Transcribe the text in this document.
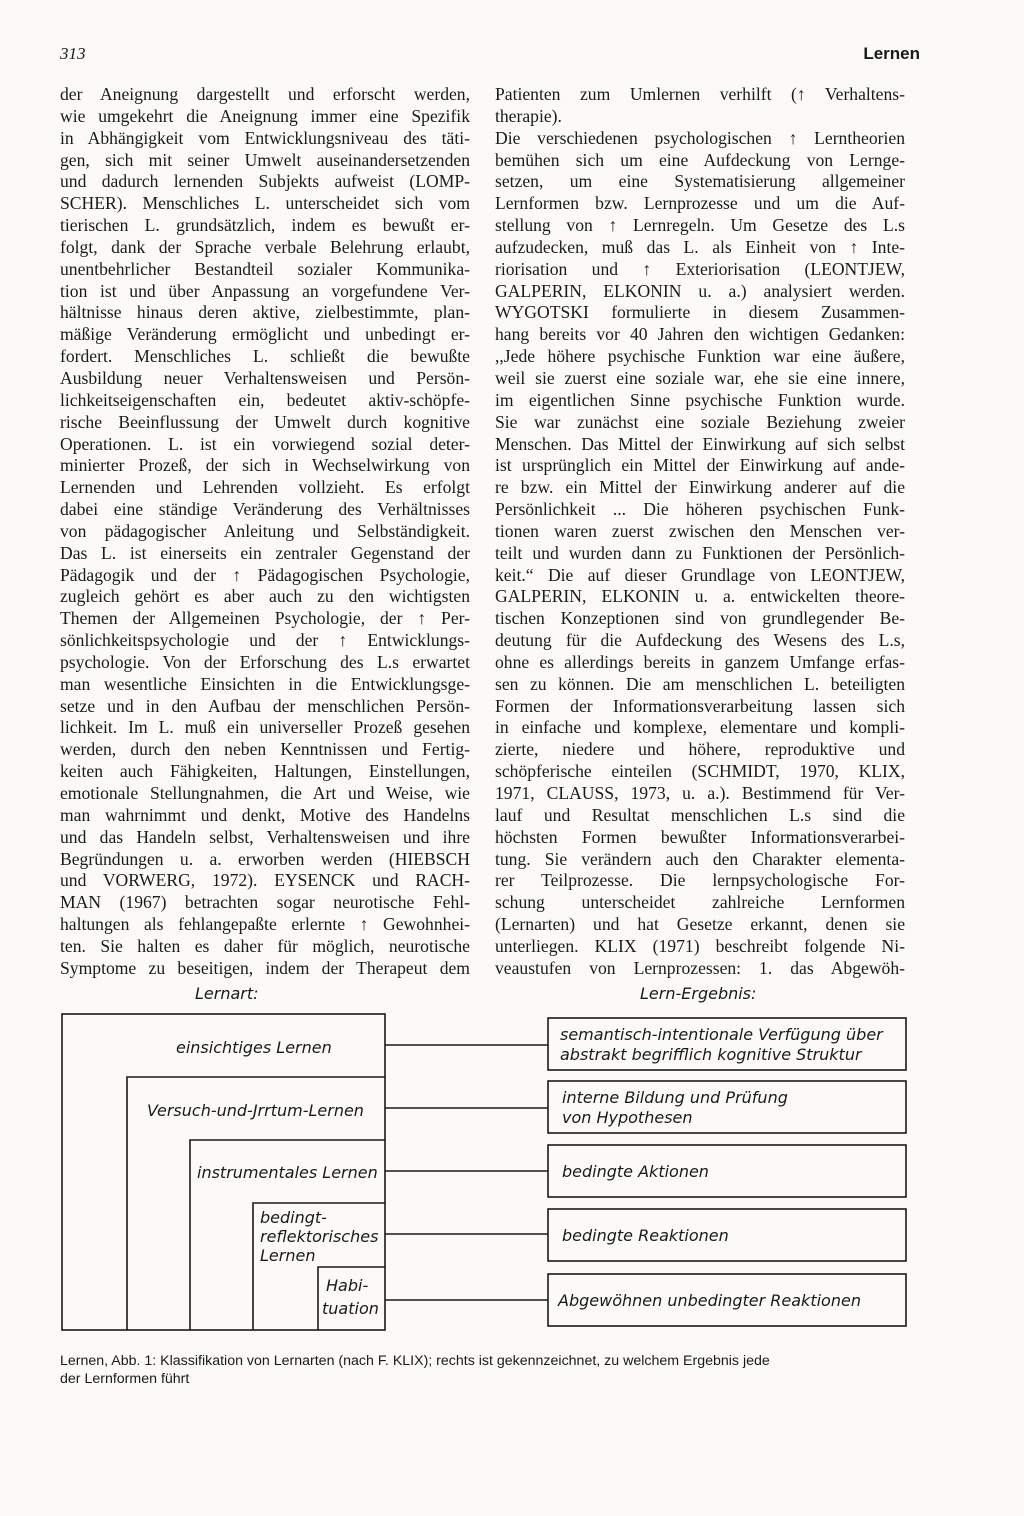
313	Lernen

der Aneignung dargestellt und erforscht werden,
wie umgekehrt die Aneignung immer eine Spezifik
in Abhängigkeit vom Entwicklungsniveau des täti-
gen, sich mit seiner Umwelt auseinandersetzenden
und dadurch lernenden Subjekts aufweist (LOMP-
SCHER). Menschliches L. unterscheidet sich vom
tierischen L. grundsätzlich, indem es bewußt er-
folgt, dank der Sprache verbale Belehrung erlaubt,
unentbehrlicher Bestandteil sozialer Kommunika-
tion ist und über Anpassung an vorgefundene Ver-
hältnisse hinaus deren aktive, zielbestimmte, plan-
mäßige Veränderung ermöglicht und unbedingt er-
fordert. Menschliches L. schließt die bewußte
Ausbildung neuer Verhaltensweisen und Persön-
lichkeitseigenschaften ein, bedeutet aktiv-schöpfe-
rische Beeinflussung der Umwelt durch kognitive
Operationen. L. ist ein vorwiegend sozial deter-
minierter Prozeß, der sich in Wechselwirkung von
Lernenden und Lehrenden vollzieht. Es erfolgt
dabei eine ständige Veränderung des Verhältnisses
von pädagogischer Anleitung und Selbständigkeit.
Das L. ist einerseits ein zentraler Gegenstand der
Pädagogik und der ↑ Pädagogischen Psychologie,
zugleich gehört es aber auch zu den wichtigsten
Themen der Allgemeinen Psychologie, der ↑ Per-
sönlichkeitspsychologie und der ↑ Entwicklungs-
psychologie. Von der Erforschung des L.s erwartet
man wesentliche Einsichten in die Entwicklungsge-
setze und in den Aufbau der menschlichen Persön-
lichkeit. Im L. muß ein universeller Prozeß gesehen
werden, durch den neben Kenntnissen und Fertig-
keiten auch Fähigkeiten, Haltungen, Einstellungen,
emotionale Stellungnahmen, die Art und Weise, wie
man wahrnimmt und denkt, Motive des Handelns
und das Handeln selbst, Verhaltensweisen und ihre
Begründungen u. a. erworben werden (HIEBSCH
und VORWERG, 1972). EYSENCK und RACH-
MAN (1967) betrachten sogar neurotische Fehl-
haltungen als fehlangepaßte erlernte ↑ Gewohnhei-
ten. Sie halten es daher für möglich, neurotische
Symptome zu beseitigen, indem der Therapeut dem

Patienten zum Umlernen verhilft (↑ Verhaltens-
therapie).
Die verschiedenen psychologischen ↑ Lerntheorien
bemühen sich um eine Aufdeckung von Lernge-
setzen, um eine Systematisierung allgemeiner
Lernformen bzw. Lernprozesse und um die Auf-
stellung von ↑ Lernregeln. Um Gesetze des L.s
aufzudecken, muß das L. als Einheit von ↑ Inte-
riorisation und ↑ Exteriorisation (LEONTJEW,
GALPERIN, ELKONIN u. a.) analysiert werden.
WYGOTSKI formulierte in diesem Zusammen-
hang bereits vor 40 Jahren den wichtigen Gedanken:
,,Jede höhere psychische Funktion war eine äußere,
weil sie zuerst eine soziale war, ehe sie eine innere,
im eigentlichen Sinne psychische Funktion wurde.
Sie war zunächst eine soziale Beziehung zweier
Menschen. Das Mittel der Einwirkung auf sich selbst
ist ursprünglich ein Mittel der Einwirkung auf ande-
re bzw. ein Mittel der Einwirkung anderer auf die
Persönlichkeit ... Die höheren psychischen Funk-
tionen waren zuerst zwischen den Menschen ver-
teilt und wurden dann zu Funktionen der Persönlich-
keit.“ Die auf dieser Grundlage von LEONTJEW,
GALPERIN, ELKONIN u. a. entwickelten theore-
tischen Konzeptionen sind von grundlegender Be-
deutung für die Aufdeckung des Wesens des L.s,
ohne es allerdings bereits in ganzem Umfange erfas-
sen zu können. Die am menschlichen L. beteiligten
Formen der Informationsverarbeitung lassen sich
in einfache und komplexe, elementare und kompli-
zierte, niedere und höhere, reproduktive und
schöpferische einteilen (SCHMIDT, 1970, KLIX,
1971, CLAUSS, 1973, u. a.). Bestimmend für Ver-
lauf und Resultat menschlichen L.s sind die
höchsten Formen bewußter Informationsverarbei-
tung. Sie verändern auch den Charakter elementa-
rer Teilprozesse. Die lernpsychologische For-
schung unterscheidet zahlreiche Lernformen
(Lernarten) und hat Gesetze erkannt, denen sie
unterliegen. KLIX (1971) beschreibt folgende Ni-
veaustufen von Lernprozessen: 1. das Abgewöh-

Lernart:	Lern-Ergebnis:
einsichtiges Lernen
Versuch-und-Jrrtum-Lernen
instrumentales Lernen
bedingt-
reflektorisches
Lernen
Habi-
tuation
semantisch-intentionale Verfügung über
abstrakt begrifflich kognitive Struktur
interne Bildung und Prüfung
von Hypothesen
bedingte Aktionen
bedingte Reaktionen
Abgewöhnen unbedingter Reaktionen
Lernen, Abb. 1: Klassifikation von Lernarten (nach F. KLIX); rechts ist gekennzeichnet, zu welchem Ergebnis jede
der Lernformen führt
